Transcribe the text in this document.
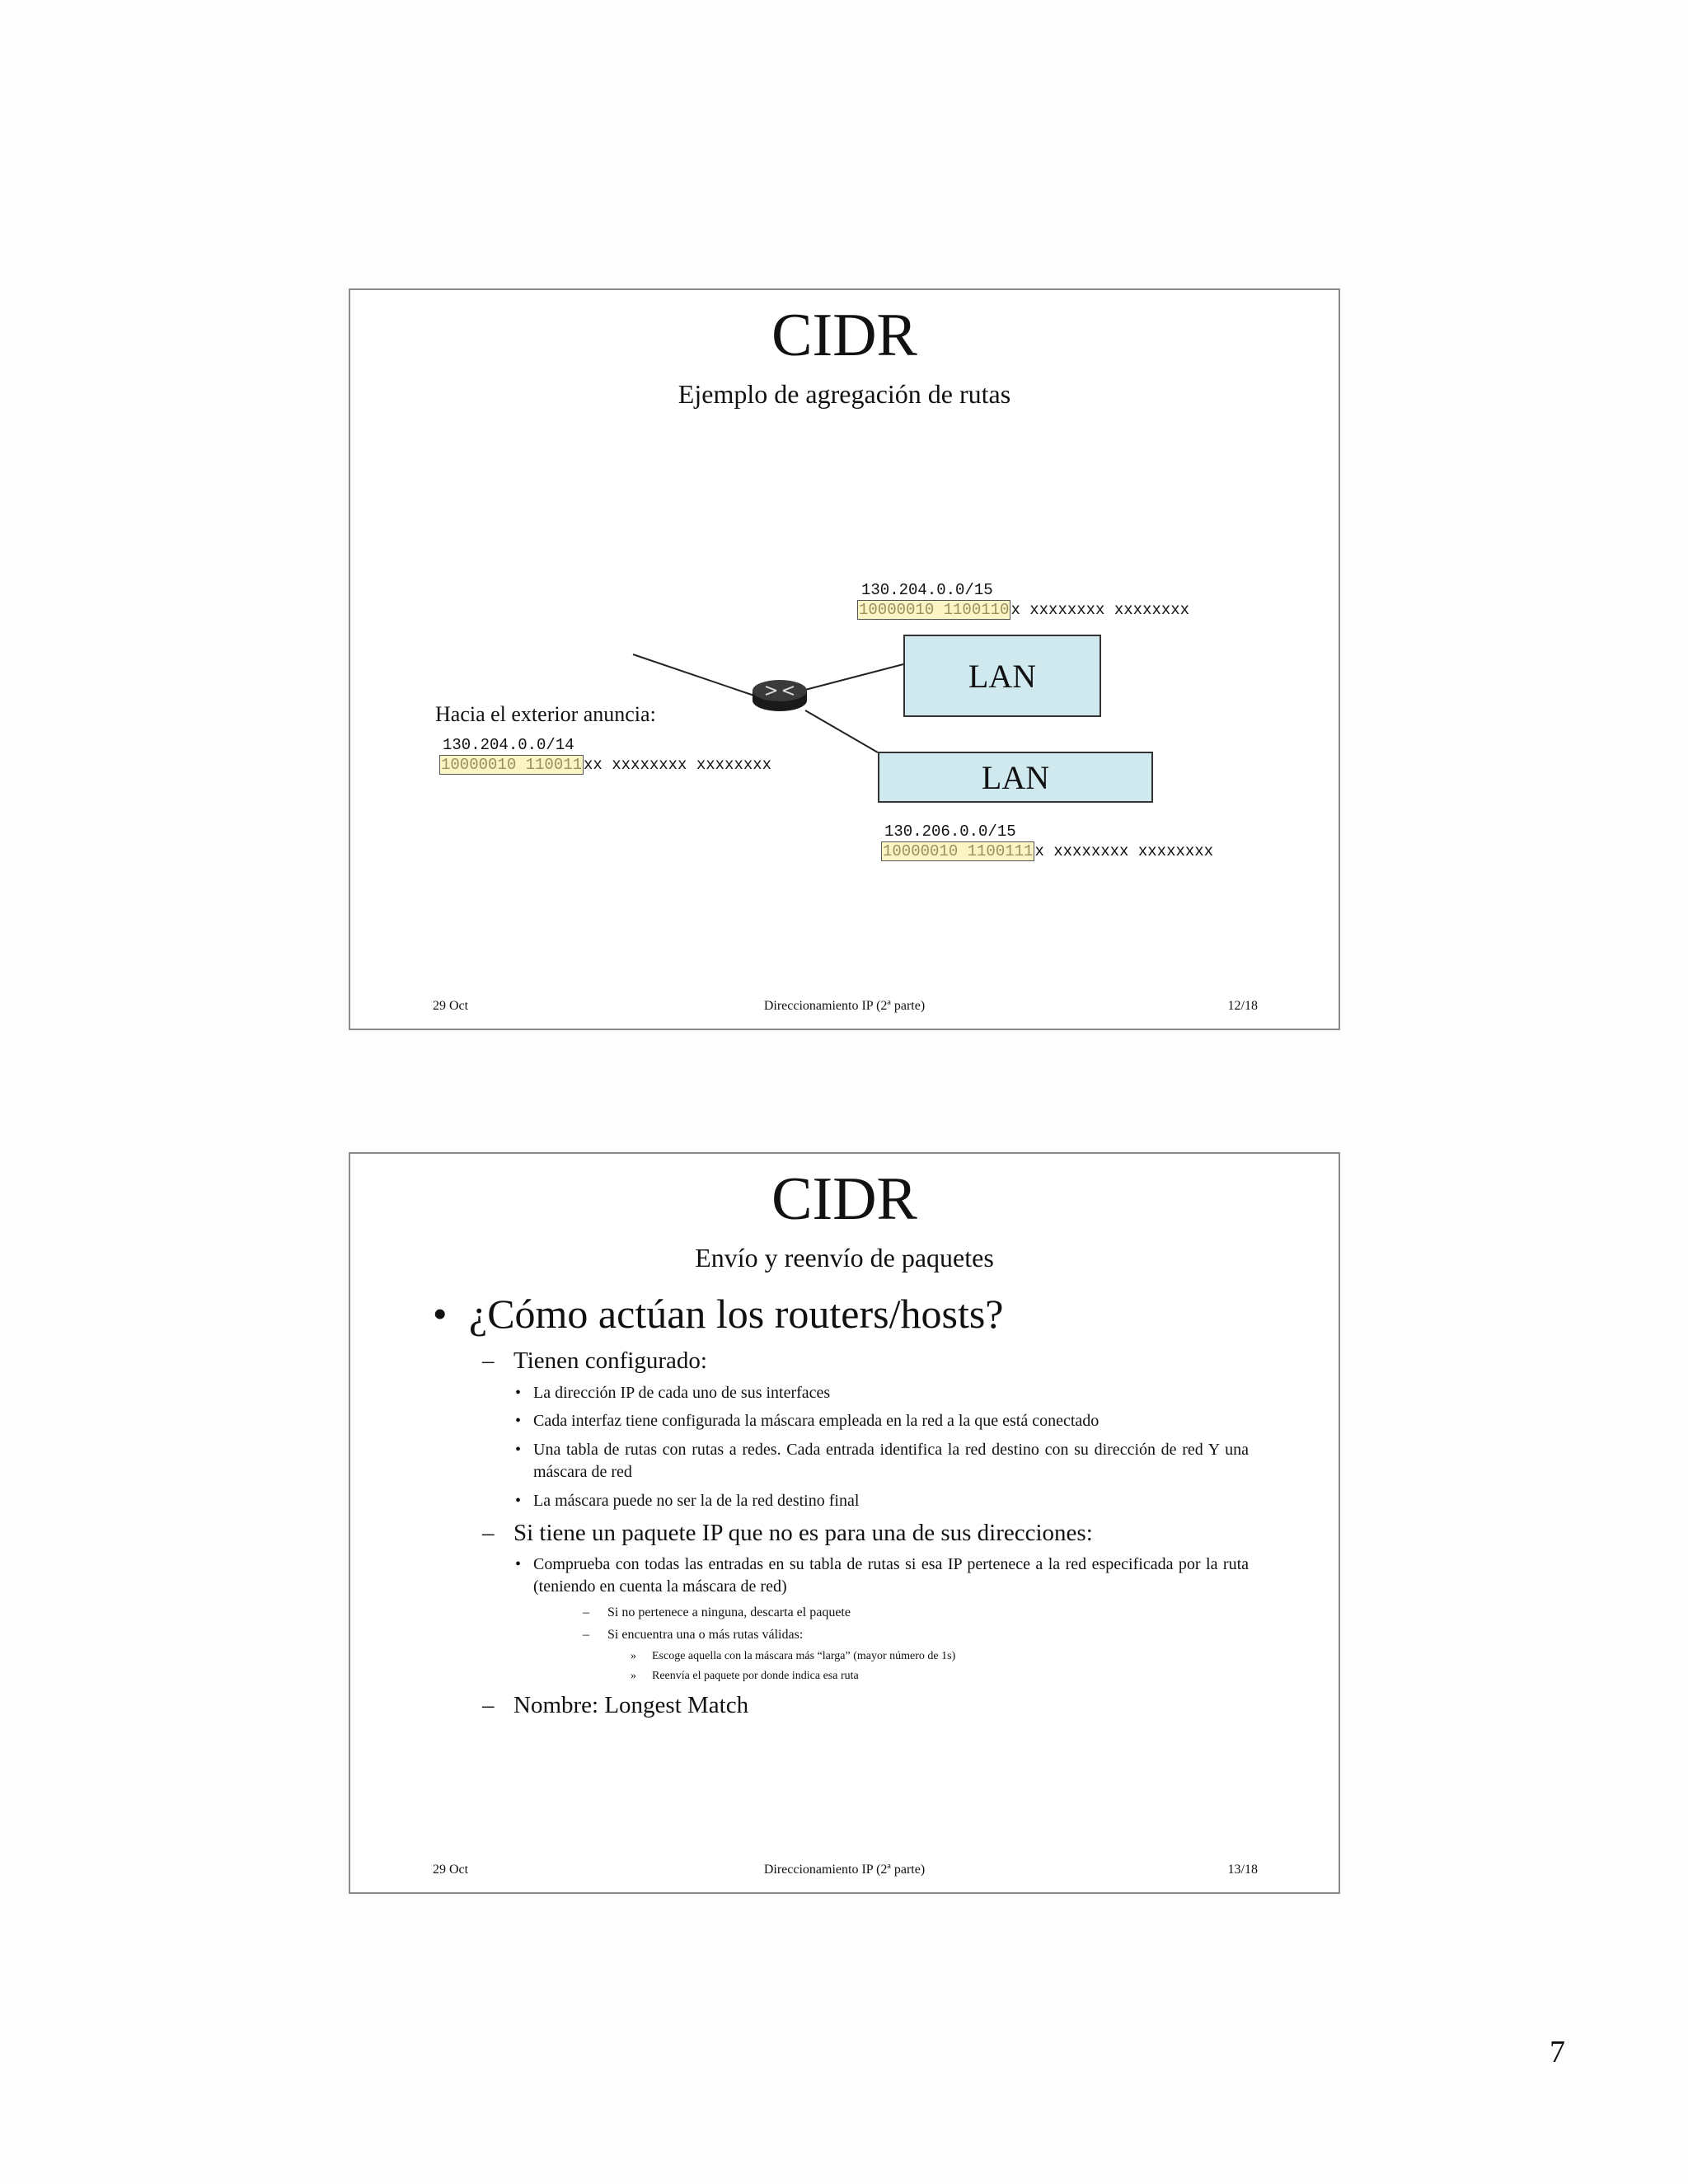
CIDR
Ejemplo de agregación de rutas
130.204.0.0/15
10000010 1100110 x xxxxxxxx xxxxxxxx
LAN
LAN
Hacia el exterior anuncia:
130.204.0.0/14
10000010 110011 xx xxxxxxxx xxxxxxxx
130.206.0.0/15
10000010 1100111 x xxxxxxxx xxxxxxxx
29 Oct	Direccionamiento IP (2ª parte)	12/18
CIDR
Envío y reenvío de paquetes
• ¿Cómo actúan los routers/hosts?
– Tienen configurado:
• La dirección IP de cada uno de sus interfaces
• Cada interfaz tiene configurada la máscara empleada en la red a la que está conectado
• Una tabla de rutas con rutas a redes. Cada entrada identifica la red destino con su dirección de red Y una máscara de red
• La máscara puede no ser la de la red destino final
– Si tiene un paquete IP que no es para una de sus direcciones:
• Comprueba con todas las entradas en su tabla de rutas si esa IP pertenece a la red especificada por la ruta (teniendo en cuenta la máscara de red)
– Si no pertenece a ninguna, descarta el paquete
– Si encuentra una o más rutas válidas:
» Escoge aquella con la máscara más “larga” (mayor número de 1s)
» Reenvía el paquete por donde indica esa ruta
– Nombre: Longest Match
29 Oct	Direccionamiento IP (2ª parte)	13/18
7
